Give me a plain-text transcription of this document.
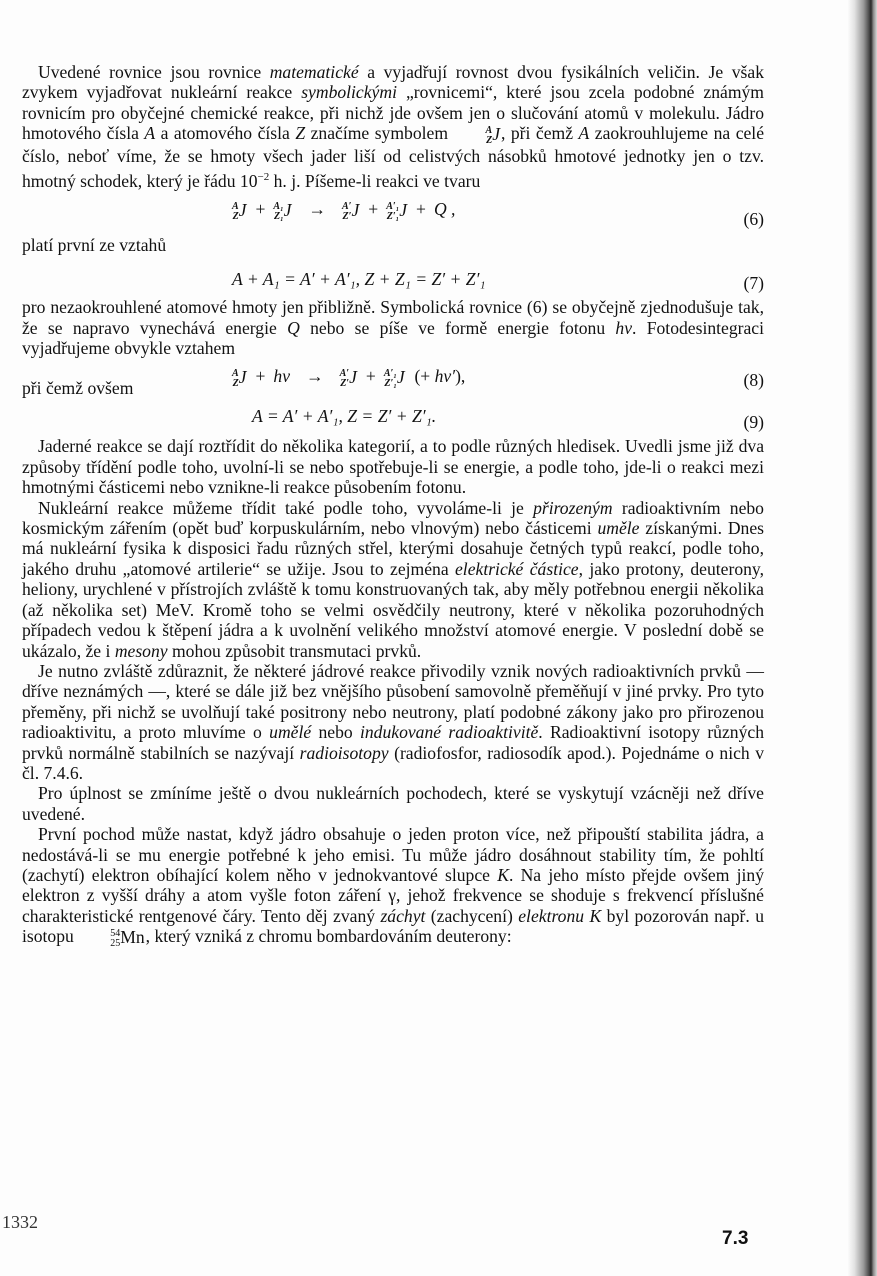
Uvedené rovnice jsou rovnice matematické a vyjadřují rovnost dvou fysikálních veličin. Je však zvykem vyjadřovat nukleární reakce symbolickými „rovnicemi“, které jsou zcela podobné známým rovnicím pro obyčejné chemické reakce, při nichž jde ovšem jen o slučování atomů v molekulu. Jádro hmotového čísla A a atomového čísla Z značíme symbolem	A
Z J, při čemž A zaokrouhlujeme na celé číslo, neboť víme, že se hmoty všech jader liší od celistvých násobků hmotové jednotky jen o tzv. hmotný schodek, který je řádu $10^{-2}$ h. j. Píšeme-li reakci ve tvaru

A
Z J + A₁
Z₁ J → A′
Z′ J + A′₁
Z′₁ J + Q ,	(6)

platí první ze vztahů

A + A₁ = A′ + A′₁, Z + Z₁ = Z′ + Z′₁	(7)

pro nezaokrouhlené atomové hmoty jen přibližně. Symbolická rovnice (6) se obyčejně zjednodušuje tak, že se napravo vynechává energie Q nebo se píše ve formě energie fotonu hv. Fotodesintegraci vyjadřujeme obvykle vztahem

při čemž ovšem
A
Z J + hv → A′
Z′ J + A′₁
Z′₁ J (+ hv′),	(8)
A = A′ + A′₁, Z = Z′ + Z′₁.	(9)

Jaderné reakce se dají roztřídit do několika kategorií, a to podle různých hledisek. Uvedli jsme již dva způsoby třídění podle toho, uvolní-li se nebo spotřebuje-li se energie, a podle toho, jde-li o reakci mezi hmotnými částicemi nebo vznikne-li reakce působením fotonu.

Nukleární reakce můžeme třídit také podle toho, vyvoláme-li je přirozeným radioaktivním nebo kosmickým zářením (opět buď korpuskulárním, nebo vlnovým) nebo částicemi uměle získanými. Dnes má nukleární fysika k disposici řadu různých střel, kterými dosahuje četných typů reakcí, podle toho, jakého druhu „atomové artilerie“ se užije. Jsou to zejména elektrické částice, jako protony, deuterony, heliony, urychlené v přístrojích zvláště k tomu konstruovaných tak, aby měly potřebnou energii několika (až několika set) MeV. Kromě toho se velmi osvědčily neutrony, které v několika pozoruhodných případech vedou k štěpení jádra a k uvolnění velikého množství atomové energie. V poslední době se ukázalo, že i mesony mohou způsobit transmutaci prvků.

Je nutno zvláště zdůraznit, že některé jádrové reakce přivodily vznik nových radioaktivních prvků — dříve neznámých —, které se dále již bez vnějšího působení samovolně přeměňují v jiné prvky. Pro tyto přeměny, při nichž se uvolňují také positrony nebo neutrony, platí podobné zákony jako pro přirozenou radioaktivitu, a proto mluvíme o umělé nebo indukované radioaktivitě. Radioaktivní isotopy různých prvků normálně stabilních se nazývají radioisotopy (radiofosfor, radiosodík apod.). Pojednáme o nich v čl. 7.4.6.

Pro úplnost se zmíníme ještě o dvou nukleárních pochodech, které se vyskytují vzácněji než dříve uvedené.

První pochod může nastat, když jádro obsahuje o jeden proton více, než připouští stabilita jádra, a nedostává-li se mu energie potřebné k jeho emisi. Tu může jádro dosáhnout stability tím, že pohltí (zachytí) elektron obíhající kolem něho v jednokvantové slupce K. Na jeho místo přejde ovšem jiný elektron z vyšší dráhy a atom vyšle foton záření γ, jehož frekvence se shoduje s frekvencí příslušné charakteristické rentgenové čáry. Tento děj zvaný záchyt (zachycení) elektronu K byl pozorován např. u isotopu	54
25 Mn, který vzniká z chromu bombardováním deuterony:

1332
7.3
